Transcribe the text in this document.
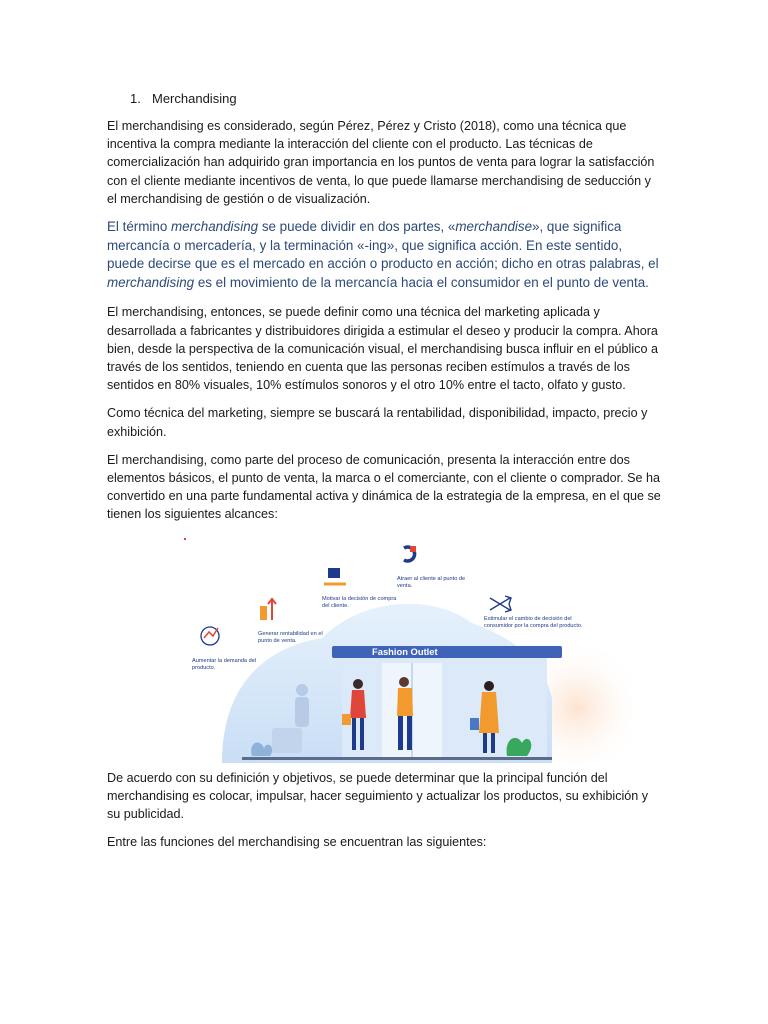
1. Merchandising

El merchandising es considerado, según Pérez, Pérez y Cristo (2018), como una técnica que incentiva la compra mediante la interacción del cliente con el producto. Las técnicas de comercialización han adquirido gran importancia en los puntos de venta para lograr la satisfacción con el cliente mediante incentivos de venta, lo que puede llamarse merchandising de seducción y el merchandising de gestión o de visualización.

El término merchandising se puede dividir en dos partes, «merchandise», que significa mercancía o mercadería, y la terminación «-ing», que significa acción. En este sentido, puede decirse que es el mercado en acción o producto en acción; dicho en otras palabras, el merchandising es el movimiento de la mercancía hacia el consumidor en el punto de venta.

El merchandising, entonces, se puede definir como una técnica del marketing aplicada y desarrollada a fabricantes y distribuidores dirigida a estimular el deseo y producir la compra. Ahora bien, desde la perspectiva de la comunicación visual, el merchandising busca influir en el público a través de los sentidos, teniendo en cuenta que las personas reciben estímulos a través de los sentidos en 80% visuales, 10% estímulos sonoros y el otro 10% entre el tacto, olfato y gusto.

Como técnica del marketing, siempre se buscará la rentabilidad, disponibilidad, impacto, precio y exhibición.

El merchandising, como parte del proceso de comunicación, presenta la interacción entre dos elementos básicos, el punto de venta, la marca o el comerciante, con el cliente o comprador. Se ha convertido en una parte fundamental activa y dinámica de la estrategia de la empresa, en el que se tienen los siguientes alcances:

Fashion Outlet
Aumentar la demanda del producto.
Generar rentabilidad en el punto de venta.
Motivar la decisión de compra del cliente.
Atraer al cliente al punto de venta.
Estimular el cambio de decisión del consumidor por la compra del producto.

De acuerdo con su definición y objetivos, se puede determinar que la principal función del merchandising es colocar, impulsar, hacer seguimiento y actualizar los productos, su exhibición y su publicidad.

Entre las funciones del merchandising se encuentran las siguientes:
